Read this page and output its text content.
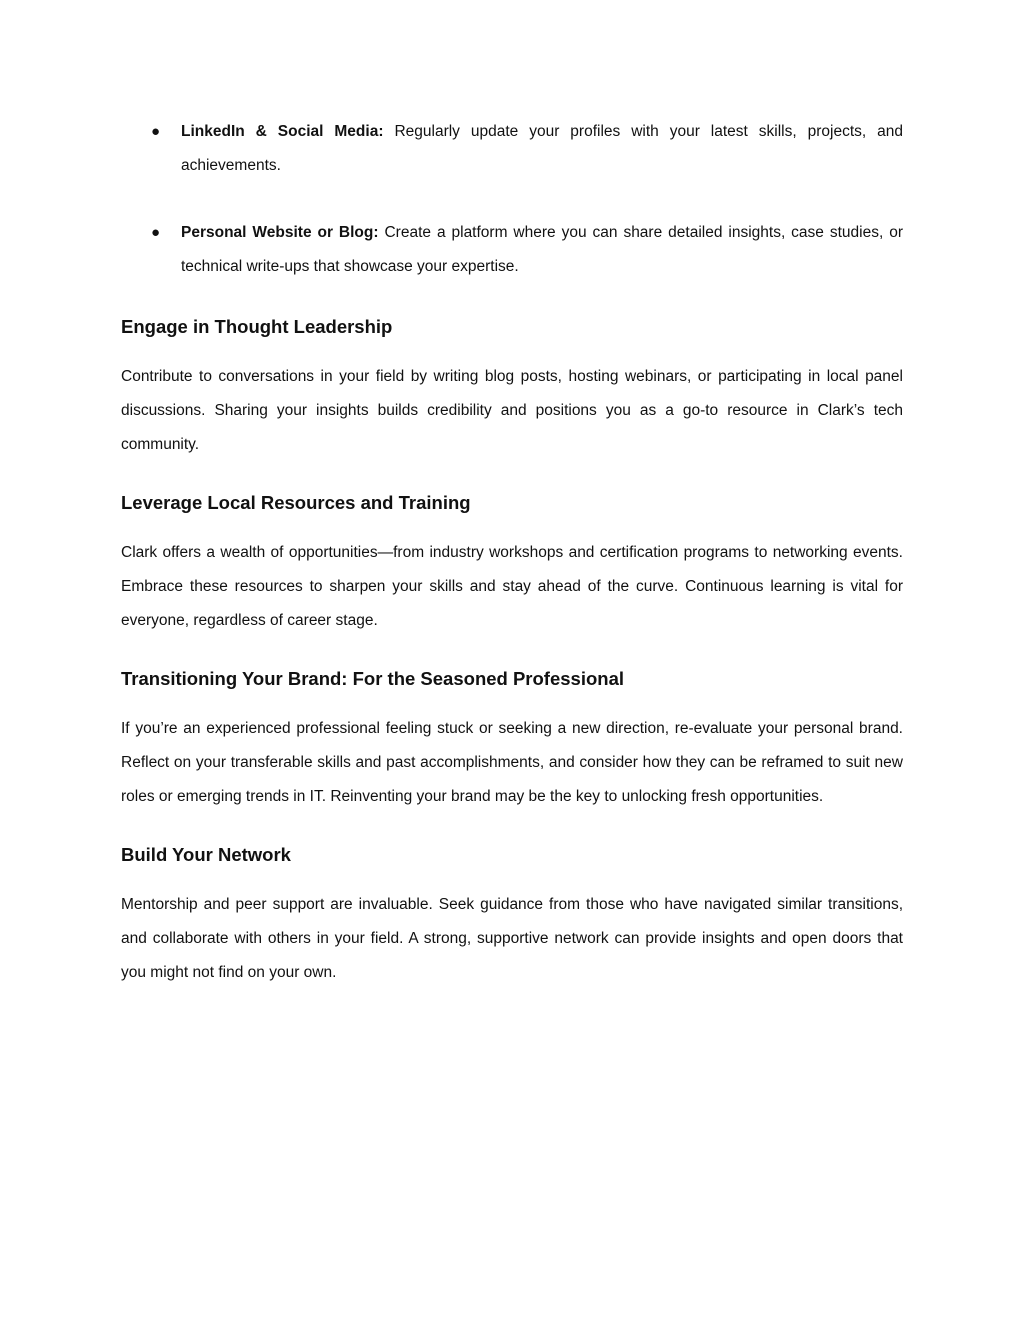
● LinkedIn & Social Media: Regularly update your profiles with your latest skills, projects, and achievements.
● Personal Website or Blog: Create a platform where you can share detailed insights, case studies, or technical write-ups that showcase your expertise.
Engage in Thought Leadership

Contribute to conversations in your field by writing blog posts, hosting webinars, or participating in local panel discussions. Sharing your insights builds credibility and positions you as a go-to resource in Clark’s tech community.

Leverage Local Resources and Training

Clark offers a wealth of opportunities—from industry workshops and certification programs to networking events. Embrace these resources to sharpen your skills and stay ahead of the curve. Continuous learning is vital for everyone, regardless of career stage.

Transitioning Your Brand: For the Seasoned Professional

If you’re an experienced professional feeling stuck or seeking a new direction, re-evaluate your personal brand. Reflect on your transferable skills and past accomplishments, and consider how they can be reframed to suit new roles or emerging trends in IT. Reinventing your brand may be the key to unlocking fresh opportunities.

Build Your Network

Mentorship and peer support are invaluable. Seek guidance from those who have navigated similar transitions, and collaborate with others in your field. A strong, supportive network can provide insights and open doors that you might not find on your own.
